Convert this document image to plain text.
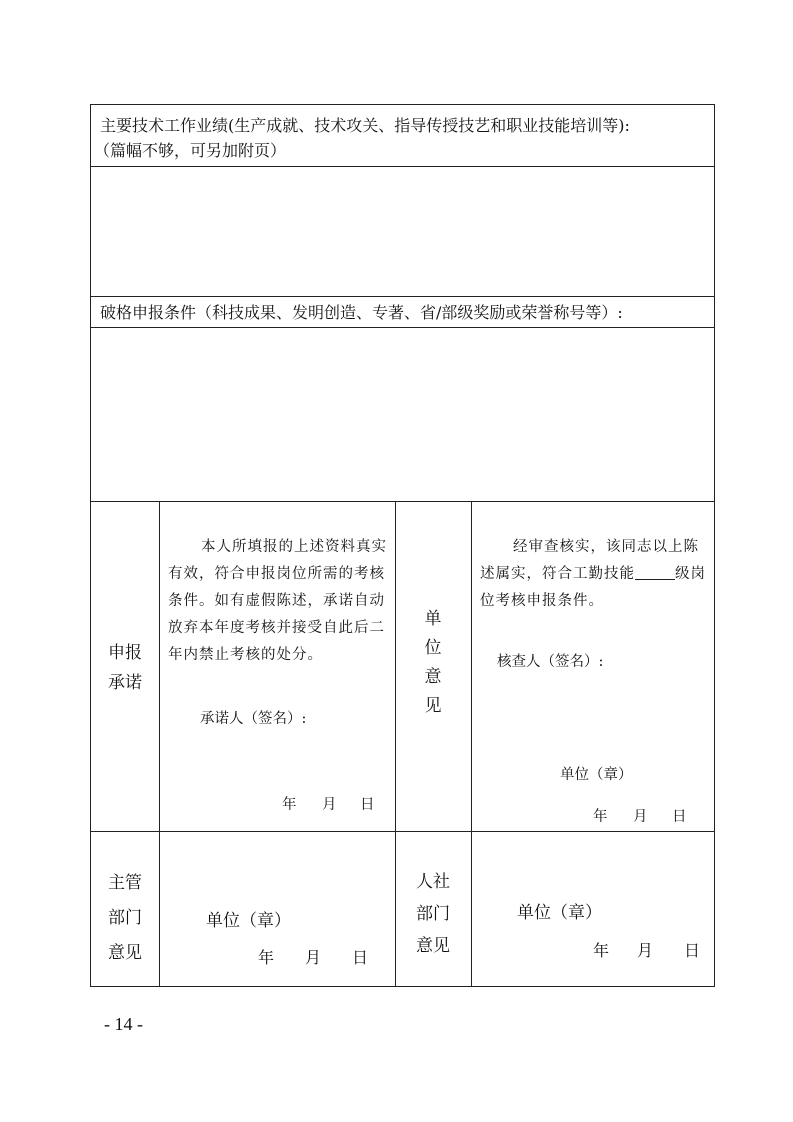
主要技术工作业绩(生产成就、技术攻关、指导传授技艺和职业技能培训等):
（篇幅不够，可另加附页）
破格申报条件（科技成果、发明创造、专著、省/部级奖励或荣誉称号等）:
申报
承诺
本人所填报的上述资料真实有效，符合申报岗位所需的考核条件。如有虚假陈述，承诺自动放弃本年度考核并接受自此后二年内禁止考核的处分。
承诺人（签名）:
年 月 日
单
位
意
见
经审查核实，该同志以上陈述属实，符合工勤技能	级岗位考核申报条件。
核查人（签名）:
单位（章）
年 月 日
主管
部门
意见
单位（章）
年 月 日
人社
部门
意见
单位（章）
年 月 日
- 14 -
